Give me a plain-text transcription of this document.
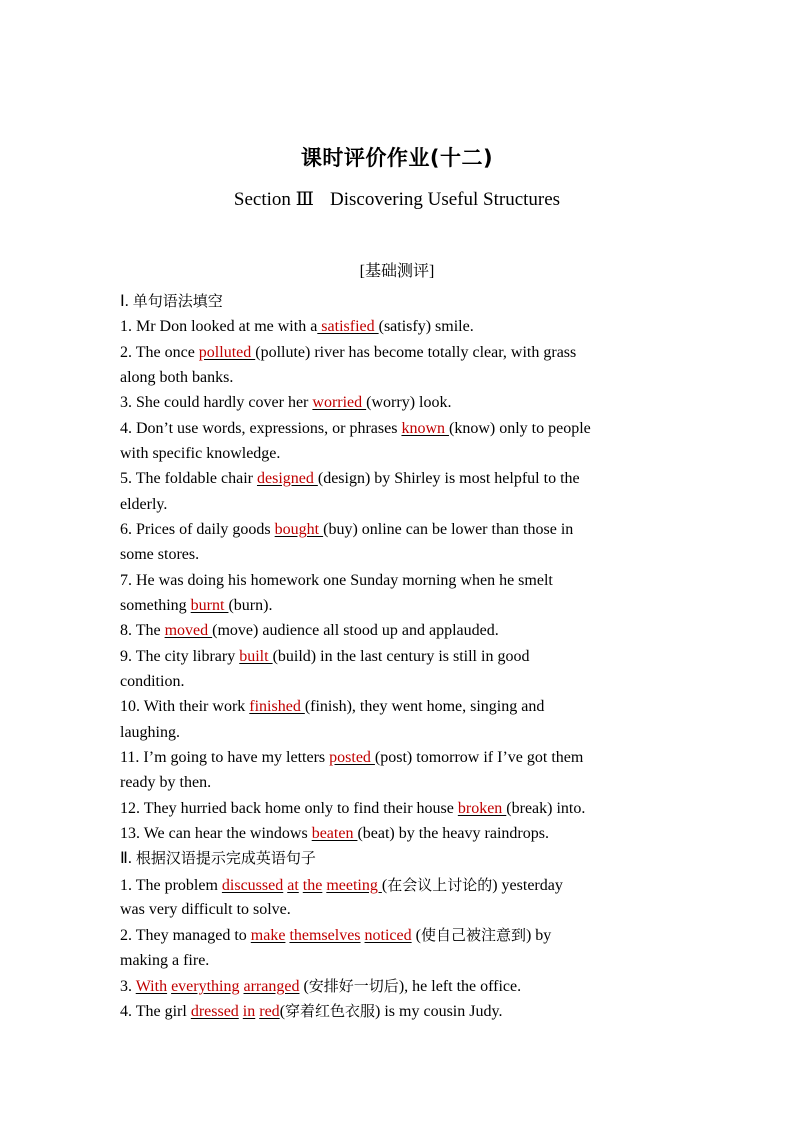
课时评价作业(十二)
Section Ⅲ Discovering Useful Structures
[基础测评]
Ⅰ. 单句语法填空
1. Mr Don looked at me with a satisfied (satisfy) smile.
2. The once polluted (pollute) river has become totally clear, with grass
along both banks.
3. She could hardly cover her worried (worry) look.
4. Don’t use words, expressions, or phrases known (know) only to people
with specific knowledge.
5. The foldable chair designed (design) by Shirley is most helpful to the
elderly.
6. Prices of daily goods bought (buy) online can be lower than those in
some stores.
7. He was doing his homework one Sunday morning when he smelt
something burnt (burn).
8. The moved (move) audience all stood up and applauded.
9. The city library built (build) in the last century is still in good
condition.
10. With their work finished (finish), they went home, singing and
laughing.
11. I’m going to have my letters posted (post) tomorrow if I’ve got them
ready by then.
12. They hurried back home only to find their house broken (break) into.
13. We can hear the windows beaten (beat) by the heavy raindrops.
Ⅱ. 根据汉语提示完成英语句子
1. The problem discussed at the meeting (在会议上讨论的) yesterday
was very difficult to solve.
2. They managed to make themselves noticed (使自己被注意到) by
making a fire.
3. With everything arranged (安排好一切后), he left the office.
4. The girl dressed in red(穿着红色衣服) is my cousin Judy.
